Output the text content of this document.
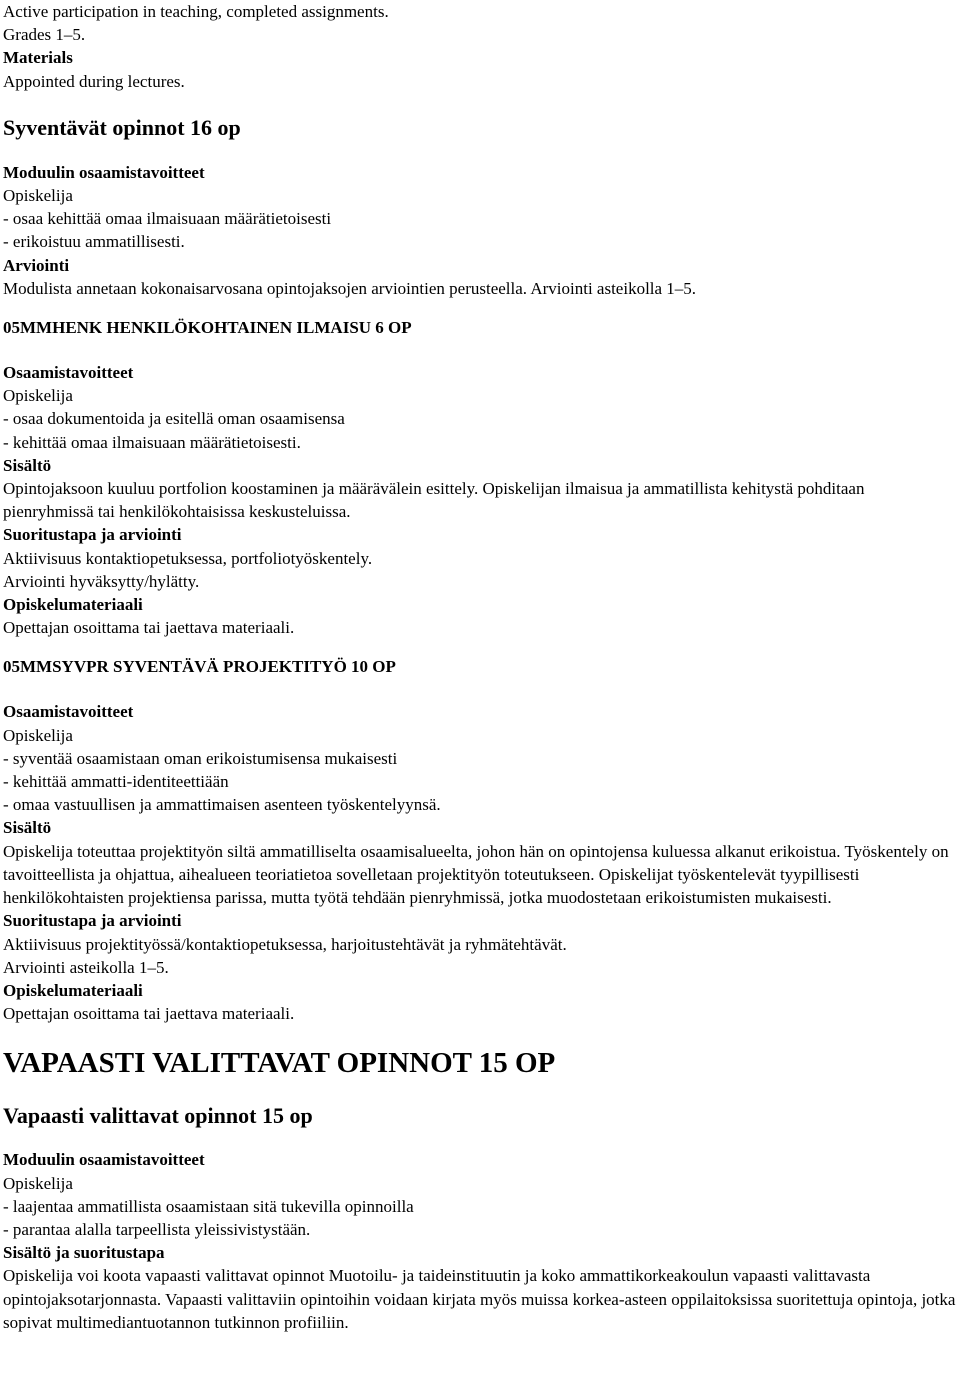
Active participation in teaching, completed assignments.
Grades 1–5.
Materials
Appointed during lectures.
Syventävät opinnot 16 op
Moduulin osaamistavoitteet
Opiskelija
- osaa kehittää omaa ilmaisuaan määrätietoisesti
- erikoistuu ammatillisesti.
Arviointi
Modulista annetaan kokonaisarvosana opintojaksojen arviointien perusteella. Arviointi asteikolla 1–5.
05MMHENK HENKILÖKOHTAINEN ILMAISU 6 OP
Osaamistavoitteet
Opiskelija
- osaa dokumentoida ja esitellä oman osaamisensa
- kehittää omaa ilmaisuaan määrätietoisesti.
Sisältö
Opintojaksoon kuuluu portfolion koostaminen ja määrävälein esittely. Opiskelijan ilmaisua ja ammatillista kehitystä pohditaan pienryhmissä tai henkilökohtaisissa keskusteluissa.
Suoritustapa ja arviointi
Aktiivisuus kontaktiopetuksessa, portfoliotyöskentely.
Arviointi hyväksytty/hylätty.
Opiskelumateriaali
Opettajan osoittama tai jaettava materiaali.
05MMSYVPR SYVENTÄVÄ PROJEKTITYÖ 10 OP
Osaamistavoitteet
Opiskelija
- syventää osaamistaan oman erikoistumisensa mukaisesti
- kehittää ammatti-identiteettiään
- omaa vastuullisen ja ammattimaisen asenteen työskentelyynsä.
Sisältö
Opiskelija toteuttaa projektityön siltä ammatilliselta osaamisalueelta, johon hän on opintojensa kuluessa alkanut erikoistua. Työskentely on tavoitteellista ja ohjattua, aihealueen teoriatietoa sovelletaan projektityön toteutukseen. Opiskelijat työskentelevät tyypillisesti henkilökohtaisten projektiensa parissa, mutta työtä tehdään pienryhmissä, jotka muodostetaan erikoistumisten mukaisesti.
Suoritustapa ja arviointi
Aktiivisuus projektityössä/kontaktiopetuksessa, harjoitustehtävät ja ryhmätehtävät.
Arviointi asteikolla 1–5.
Opiskelumateriaali
Opettajan osoittama tai jaettava materiaali.
VAPAASTI VALITTAVAT OPINNOT 15 OP
Vapaasti valittavat opinnot 15 op
Moduulin osaamistavoitteet
Opiskelija
- laajentaa ammatillista osaamistaan sitä tukevilla opinnoilla
- parantaa alalla tarpeellista yleissivistystään.
Sisältö ja suoritustapa
Opiskelija voi koota vapaasti valittavat opinnot Muotoilu- ja taideinstituutin ja koko ammattikorkeakoulun vapaasti valittavasta opintojaksotarjonnasta. Vapaasti valittaviin opintoihin voidaan kirjata myös muissa korkea-asteen oppilaitoksissa suoritettuja opintoja, jotka sopivat multimediantuotannon tutkinnon profiiliin.
